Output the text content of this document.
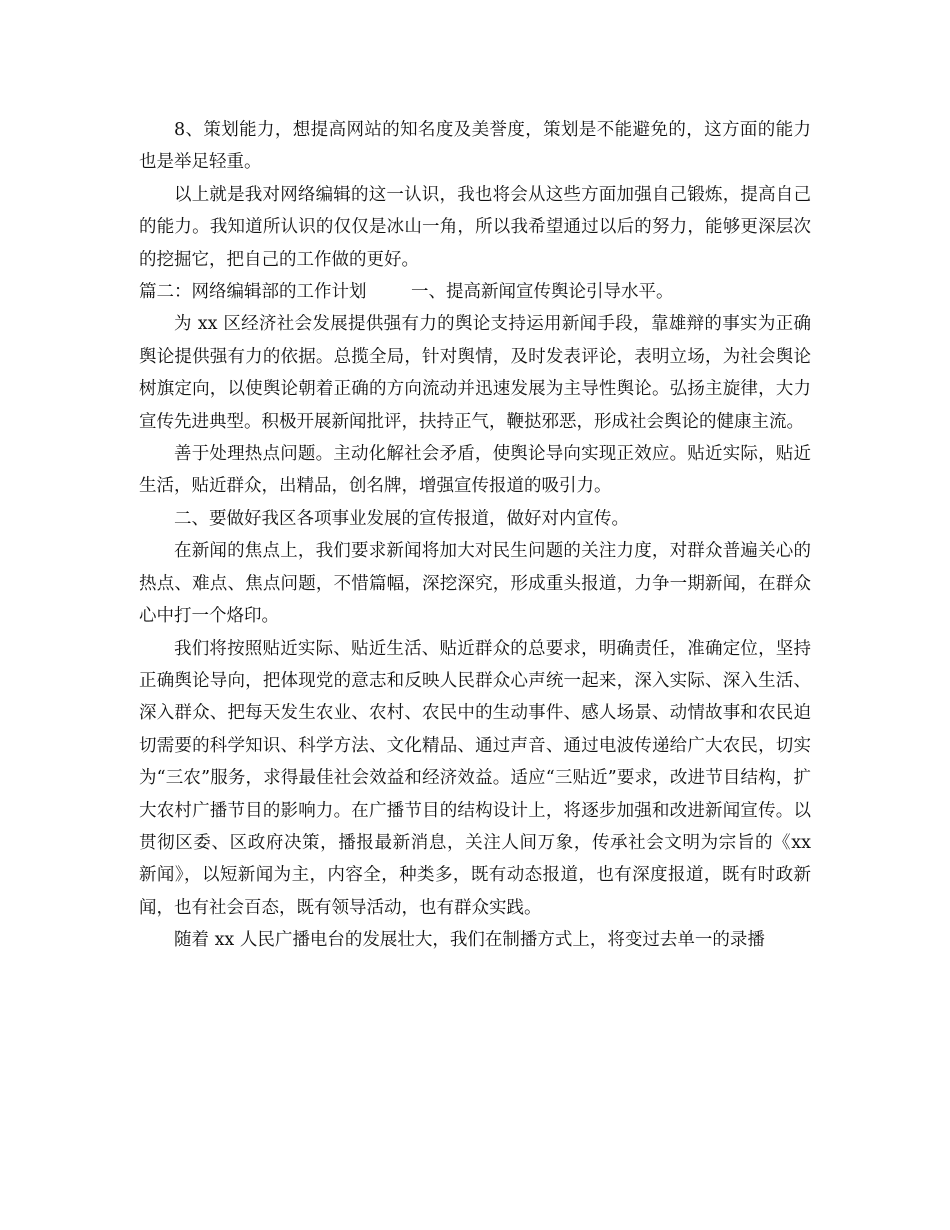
8、策划能力，想提高网站的知名度及美誉度，策划是不能避免的，这方面的能力也是举足轻重。

以上就是我对网络编辑的这一认识，我也将会从这些方面加强自己锻炼，提高自己的能力。我知道所认识的仅仅是冰山一角，所以我希望通过以后的努力，能够更深层次的挖掘它，把自己的工作做的更好。

篇二：网络编辑部的工作计划        一、提高新闻宣传舆论引导水平。

为 xx 区经济社会发展提供强有力的舆论支持运用新闻手段，靠雄辩的事实为正确舆论提供强有力的依据。总揽全局，针对舆情，及时发表评论，表明立场，为社会舆论树旗定向，以使舆论朝着正确的方向流动并迅速发展为主导性舆论。弘扬主旋律，大力宣传先进典型。积极开展新闻批评，扶持正气，鞭挞邪恶，形成社会舆论的健康主流。

善于处理热点问题。主动化解社会矛盾，使舆论导向实现正效应。贴近实际，贴近生活，贴近群众，出精品，创名牌，增强宣传报道的吸引力。

二、要做好我区各项事业发展的宣传报道，做好对内宣传。

在新闻的焦点上，我们要求新闻将加大对民生问题的关注力度，对群众普遍关心的热点、难点、焦点问题，不惜篇幅，深挖深究，形成重头报道，力争一期新闻，在群众心中打一个烙印。

我们将按照贴近实际、贴近生活、贴近群众的总要求，明确责任，准确定位，坚持正确舆论导向，把体现党的意志和反映人民群众心声统一起来，深入实际、深入生活、深入群众、把每天发生农业、农村、农民中的生动事件、感人场景、动情故事和农民迫切需要的科学知识、科学方法、文化精品、通过声音、通过电波传递给广大农民，切实为“三农”服务，求得最佳社会效益和经济效益。适应“三贴近”要求，改进节目结构，扩大农村广播节目的影响力。在广播节目的结构设计上，将逐步加强和改进新闻宣传。以贯彻区委、区政府决策，播报最新消息，关注人间万象，传承社会文明为宗旨的《xx 新闻》，以短新闻为主，内容全，种类多，既有动态报道，也有深度报道，既有时政新闻，也有社会百态，既有领导活动，也有群众实践。

随着 xx 人民广播电台的发展壮大，我们在制播方式上，将变过去单一的录播
